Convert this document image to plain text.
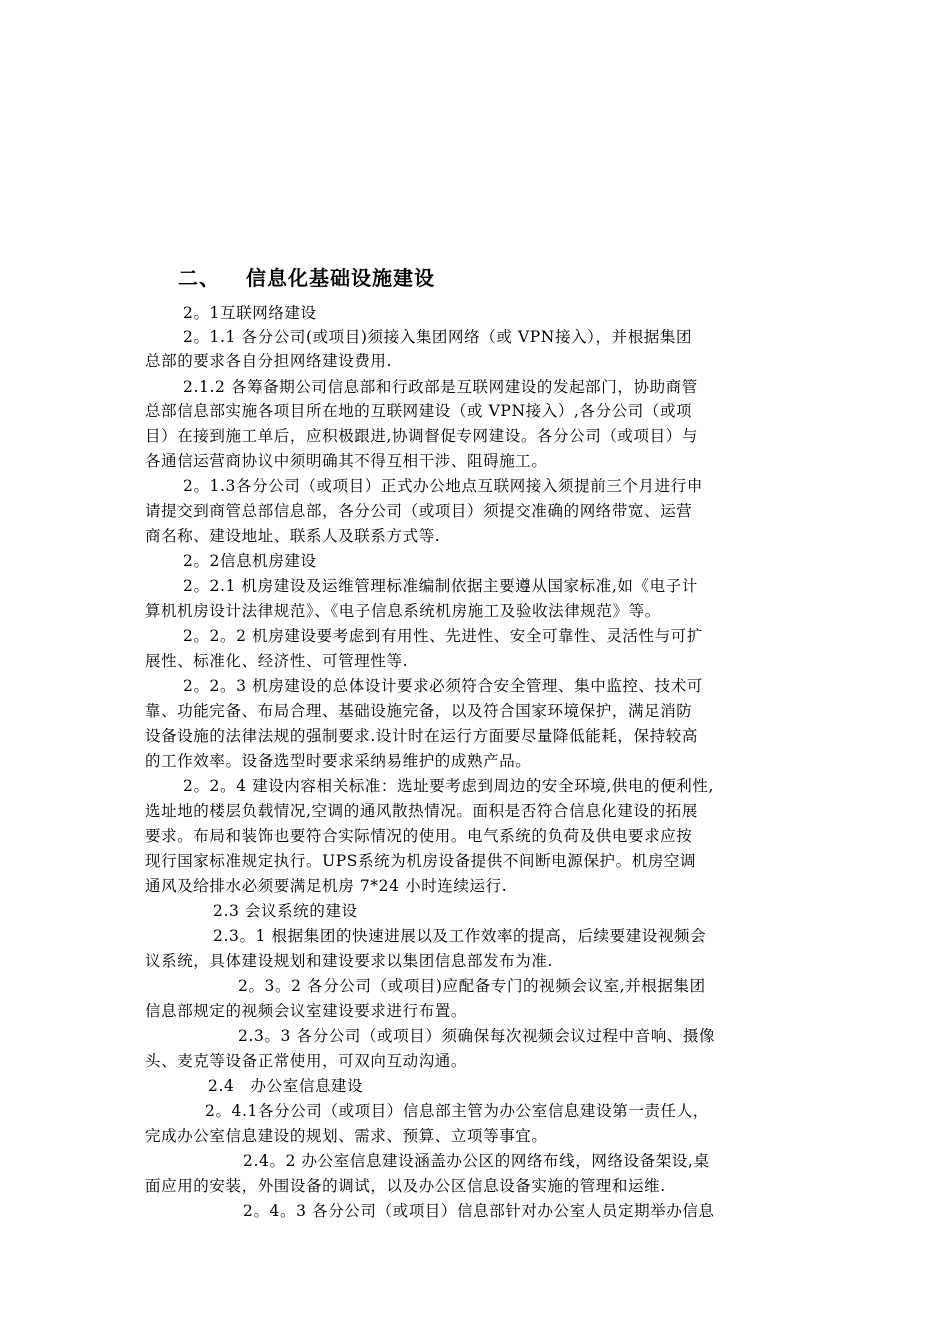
二、 信息化基础设施建设
2。1互联网络建设
2。1.1 各分公司(或项目)须接入集团网络（或 VPN接入），并根据集团
总部的要求各自分担网络建设费用.
2.1.2 各筹备期公司信息部和行政部是互联网建设的发起部门，协助商管
总部信息部实施各项目所在地的互联网建设（或 VPN接入）,各分公司（或项
目）在接到施工单后，应积极跟进,协调督促专网建设。各分公司（或项目）与
各通信运营商协议中须明确其不得互相干涉、阻碍施工。
2。1.3各分公司（或项目）正式办公地点互联网接入须提前三个月进行申
请提交到商管总部信息部，各分公司（或项目）须提交准确的网络带宽、运营
商名称、建设地址、联系人及联系方式等.
2。2信息机房建设
2。2.1 机房建设及运维管理标准编制依据主要遵从国家标准,如《电子计
算机机房设计法律规范》、《电子信息系统机房施工及验收法律规范》等。
2。2。2 机房建设要考虑到有用性、先进性、安全可靠性、灵活性与可扩
展性、标准化、经济性、可管理性等.
2。2。3 机房建设的总体设计要求必须符合安全管理、集中监控、技术可
靠、功能完备、布局合理、基础设施完备，以及符合国家环境保护，满足消防
设备设施的法律法规的强制要求.设计时在运行方面要尽量降低能耗，保持较高
的工作效率。设备选型时要求采纳易维护的成熟产品。
2。2。4 建设内容相关标准：选址要考虑到周边的安全环境,供电的便利性,
选址地的楼层负载情况,空调的通风散热情况。面积是否符合信息化建设的拓展
要求。布局和装饰也要符合实际情况的使用。电气系统的负荷及供电要求应按
现行国家标准规定执行。UPS系统为机房设备提供不间断电源保护。机房空调
通风及给排水必须要满足机房 7*24 小时连续运行.
2.3 会议系统的建设
2.3。1 根据集团的快速进展以及工作效率的提高，后续要建设视频会
议系统，具体建设规划和建设要求以集团信息部发布为准.
2。3。2 各分公司（或项目)应配备专门的视频会议室,并根据集团
信息部规定的视频会议室建设要求进行布置。
2.3。3 各分公司（或项目）须确保每次视频会议过程中音响、摄像
头、麦克等设备正常使用，可双向互动沟通。
2.4　办公室信息建设
2。4.1各分公司（或项目）信息部主管为办公室信息建设第一责任人，
完成办公室信息建设的规划、需求、预算、立项等事宜。
2.4。2 办公室信息建设涵盖办公区的网络布线，网络设备架设,桌
面应用的安装，外围设备的调试，以及办公区信息设备实施的管理和运维.
2。4。3 各分公司（或项目）信息部针对办公室人员定期举办信息
